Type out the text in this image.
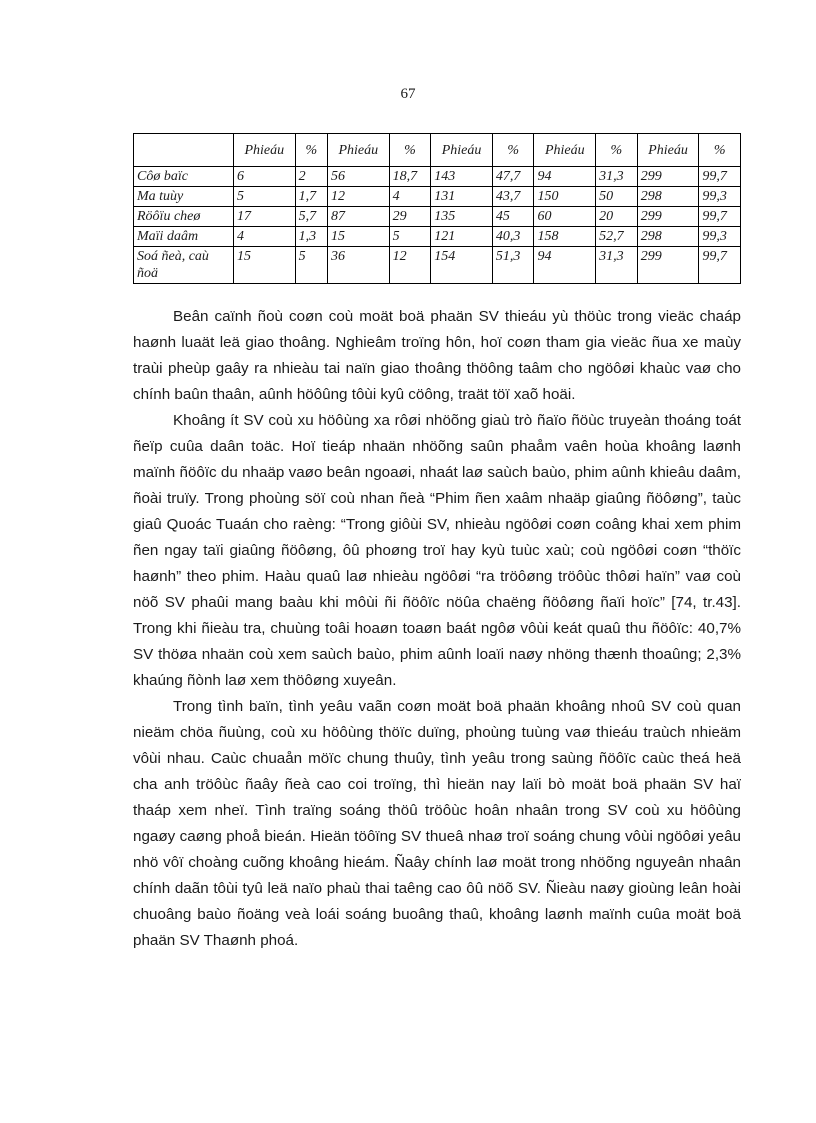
67
	Phieáu	%	Phieáu	%	Phieáu	%	Phieáu	%	Phieáu	%
Côø baïc	6	2	56	18,7	143	47,7	94	31,3	299	99,7
Ma tuùy	5	1,7	12	4	131	43,7	150	50	298	99,3
Röôïu cheø	17	5,7	87	29	135	45	60	20	299	99,7
Maïi daâm	4	1,3	15	5	121	40,3	158	52,7	298	99,3
Soá ñeà, caù ñoä	15	5	36	12	154	51,3	94	31,3	299	99,7

Beân caïnh ñoù coøn coù moät boä phaän SV thieáu yù thöùc trong vieäc chaáp haønh luaät leä giao thoâng. Nghieâm troïng hôn, hoï coøn tham gia vieäc ñua xe maùy traùi pheùp gaây ra nhieàu tai naïn giao thoâng thöông taâm cho ngöôøi khaùc vaø cho chính baûn thaân, aûnh höôûng tôùi kyû cöông, traät töï xaõ hoäi.

Khoâng ít SV coù xu höôùng xa rôøi nhöõng giaù trò ñaïo ñöùc truyeàn thoáng toát ñeïp cuûa daân toäc. Hoï tieáp nhaän nhöõng saûn phaåm vaên hoùa khoâng laønh maïnh ñöôïc du nhaäp vaøo beân ngoaøi, nhaát laø saùch baùo, phim aûnh khieâu daâm, ñoài truïy. Trong phoùng söï coù nhan ñeà “Phim ñen xaâm nhaäp giaûng ñöôøng”, taùc giaû Quoác Tuaán cho raèng: “Trong giôùi SV, nhieàu ngöôøi coøn coâng khai xem phim ñen ngay taïi giaûng ñöôøng, ôû phoøng troï hay kyù tuùc xaù; coù ngöôøi coøn “thöïc haønh” theo phim. Haàu quaû laø nhieàu ngöôøi “ra tröôøng tröôùc thôøi haïn” vaø coù nöõ SV phaûi mang baàu khi môùi ñi ñöôïc nöûa chaëng ñöôøng ñaïi hoïc” [74, tr.43]. Trong khi ñieàu tra, chuùng toâi hoaøn toaøn baát ngôø vôùi keát quaû thu ñöôïc: 40,7% SV thöøa nhaän coù xem saùch baùo, phim aûnh loaïi naøy nhöng thænh thoaûng; 2,3% khaúng ñònh laø xem thöôøng xuyeân.

Trong tình baïn, tình yeâu vaãn coøn moät boä phaän khoâng nhoû SV coù quan nieäm chöa ñuùng, coù xu höôùng thöïc duïng, phoùng tuùng vaø thieáu traùch nhieäm vôùi nhau. Caùc chuaån möïc chung thuûy, tình yeâu trong saùng ñöôïc caùc theá heä cha anh tröôùc ñaây ñeà cao coi troïng, thì hieän nay laïi bò moät boä phaän SV haï thaáp xem nheï. Tình traïng soáng thöû tröôùc hoân nhaân trong SV coù xu höôùng ngaøy caøng phoå bieán. Hieän töôïng SV thueâ nhaø troï soáng chung vôùi ngöôøi yeâu nhö vôï choàng cuõng khoâng hieám. Ñaây chính laø moät trong nhöõng nguyeân nhaân chính daãn tôùi tyû leä naïo phaù thai taêng cao ôû nöõ SV. Ñieàu naøy gioùng leân hoài chuoâng baùo ñoäng veà loái soáng buoâng thaû, khoâng laønh maïnh cuûa moät boä phaän SV Thaønh phoá.
